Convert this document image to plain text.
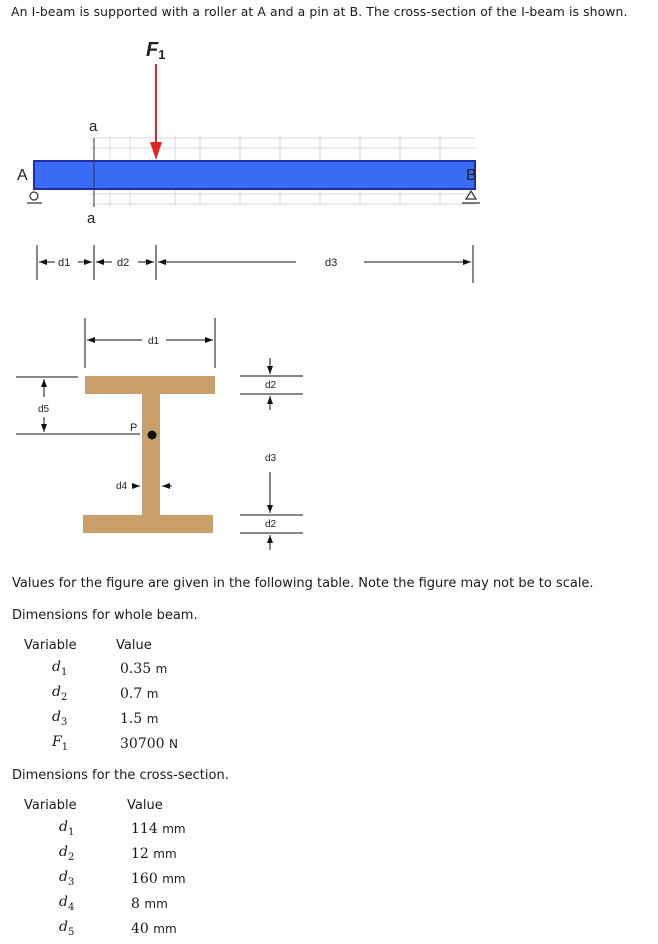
An I-beam is supported with a roller at A and a pin at B. The cross-section of the I-beam is shown.
a
a
F1
A	B
d1	d2	d3
P
d1
d5
d4
d2
d3
d2
Values for the figure are given in the following table. Note the figure may not be to scale.
Dimensions for whole beam.
Variable	Value
$d_1$	0.35 m
$d_2$	0.7 m
$d_3$	1.5 m
$F_1$	30700 N
Dimensions for the cross-section.
Variable	Value
$d_1$	114 mm
$d_2$	12 mm
$d_3$	160 mm
$d_4$	8 mm
$d_5$	40 mm
